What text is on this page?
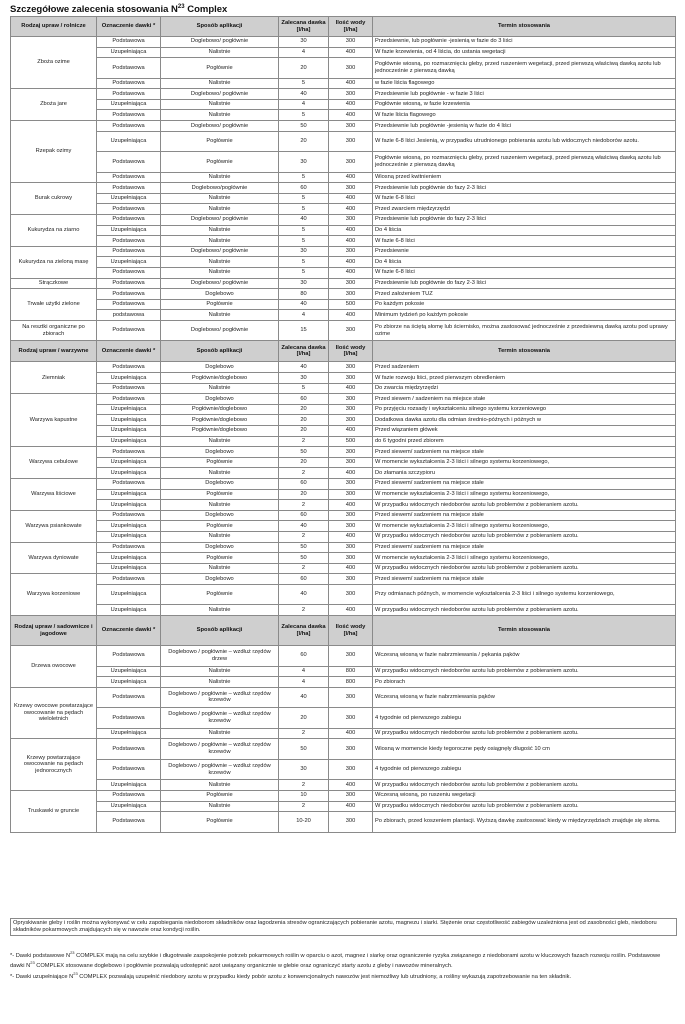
Szczegółowe zalecenia stosowania $N^{23}$ Complex
Rodzaj upraw / rolnicze	Oznaczenie dawki *	Sposób aplikacji	Zalecana dawka [l/ha]	Ilość wody [l/ha]	Termin stosowania
Zboża ozime	Podstawowa	Doglebowo/ pogłównie	30	300	Przedsiewnie, lub pogłównie -jesienią w fazie do 3 liści
	Uzupełniająca	Nalistnie	4	400	W fazie krzewienia, od 4 liścia, do ustania wegetacji
	Podstawowa	Pogłównie	20	300	Pogłównie wiosną, po rozmarznięciu gleby, przed ruszeniem wegetacji, przed pierwszą właściwą dawką azotu lub jednocześnie z pierwszą dawką
	Podstawowa	Nalistnie	5	400	w fazie liścia flagowego
Zboża jare	Podstawowa	Doglebowo/ pogłównie	40	300	Przedsiewnie lub pogłównie - w fazie 3 liści
	Uzupełniająca	Nalistnie	4	400	Pogłównie wiosną, w fazie krzewienia
	Podstawowa	Nalistnie	5	400	W fazie liścia flagowego
Rzepak ozimy	Podstawowa	Doglebowo/ pogłównie	50	300	Przedsiewnie lub pogłównie -jesienią w fazie do 4 liści
	Uzupełniająca	Pogłównie	20	300	W fazie 6-8 liści Jesienią, w przypadku utrudnionego pobierania azotu lub widocznych niedoborów azotu.
	Podstawowa	Pogłównie	30	300	Pogłównie wiosną, po rozmarznięciu gleby, przed ruszeniem wegetacji, przed pierwszą właściwą dawką azotu lub jednocześnie z pierwszą dawką
	Podstawowa	Nalistnie	5	400	Wiosną przed kwitnieniem
Burak cukrowy	Podstawowa	Doglebowo/pogłównie	60	300	Przedsiewnie lub pogłównie do fazy 2-3 liści
	Uzupełniająca	Nalistnie	5	400	W fazie 6-8 liści
	Podstawowa	Nalistnie	5	400	Przed zwarciem międzyrzędzi
Kukurydza na ziarno	Podstawowa	Doglebowo/ pogłównie	40	300	Przedsiewnie lub pogłównie do fazy 2-3 liści
	Uzupełniająca	Nalistnie	5	400	Do 4 liścia
	Podstawowa	Nalistnie	5	400	W fazie 6-8 liści
Kukurydza na zieloną masę	Podstawowa	Doglebowo/ pogłównie	30	300	Przedsiewnie
	Uzupełniająca	Nalistnie	5	400	Do 4 liścia
	Podstawowa	Nalistnie	5	400	W fazie 6-8 liści
Strączkowe	Podstawowa	Doglebowo/ pogłównie	30	300	Przedsiewnie lub pogłównie do fazy 2-3 liści
Trwałe użytki zielone	Podstawowa	Doglebowo	80	300	Przed założeniem TUZ
	Podstawowa	Pogłównie	40	500	Po każdym pokosie
	podstawowa	Nalistnie	4	400	Minimum tydzień po każdym pokosie
Na resztki organiczne po zbiorach	Podstawowa	Doglebowo/ pogłównie	15	300	Po zbiorze na ściętą słomę lub ściernisko, można zastosować jednocześnie z przedsiewną dawką azotu pod uprawy ozime
Rodzaj upraw / warzywne	Oznaczenie dawki *	Sposób aplikacji	Zalecana dawka [l/ha]	Ilość wody [l/ha]	Termin stosowania
Ziemniak	Podstawowa	Doglebowo	40	300	Przed sadzeniem
	Uzupełniająca	Pogłównie/doglebowo	30	300	W fazie rozwoju liści, przed pierwszym obredleniem
	Podstawowa	Nalistnie	5	400	Do zwarcia międzyrzędzi
Warzywa kapustne	Podstawowa	Doglebowo	60	300	Przed siewem / sadzeniem na miejsce stałe
	Uzupełniająca	Pogłównie/doglebowo	20	300	Po przyjęciu rozsady i wykształceniu silnego systemu korzeniowego
	Uzupełniająca	Pogłównie/doglebowo	20	300	Dodatkowa dawka azotu dla odmian średnio-późnych i późnych w
	Uzupełniająca	Pogłównie/doglebowo	20	400	Przed wiązaniem główek
	Uzupełniająca	Nalistnie	2	500	do 6 tygodni przed zbiorem
Warzywa cebulowe	Podstawowa	Doglebowo	50	300	Przed siewem/ sadzeniem na miejsce stałe
	Uzupełniająca	Pogłównie	20	300	W momencie wykształcenia 2-3 liści i silnego systemu korzeniowego,
	Uzupełniająca	Nalistnie	2	400	Do złamania szczypioru
Warzywa liściowe	Podstawowa	Doglebowo	60	300	Przed siewem/ sadzeniem na miejsce stałe
	Uzupełniająca	Pogłównie	20	300	W momencie wykształcenia 2-3 liści i silnego systemu korzeniowego,
	Uzupełniająca	Nalistnie	2	400	W przypadku widocznych niedoborów azotu lub problemów z pobieraniem azotu.
Warzywa psiankowate	Podstawowa	Doglebowo	60	300	Przed siewem/ sadzeniem na miejsce stałe
	Uzupełniająca	Pogłównie	40	300	W momencie wykształcenia 2-3 liści i silnego systemu korzeniowego,
	Uzupełniająca	Nalistnie	2	400	W przypadku widocznych niedoborów azotu lub problemów z pobieraniem azotu.
Warzywa dyniowate	Podstawowa	Doglebowo	50	300	Przed siewem/ sadzeniem na miejsce stałe
	Uzupełniająca	Pogłównie	50	300	W momencie wykształcenia 2-3 liści i silnego systemu korzeniowego,
	Uzupełniająca	Nalistnie	2	400	W przypadku widocznych niedoborów azotu lub problemów z pobieraniem azotu.
Warzywa korzeniowe	Podstawowa	Doglebowo	60	300	Przed siewem/ sadzeniem na miejsce stałe
	Uzupełniająca	Pogłównie	40	300	Przy odmianach późnych, w momencie wykształcenia 2-3 liści i silnego systemu korzeniowego,
	Uzupełniająca	Nalistnie	2	400	W przypadku widocznych niedoborów azotu lub problemów z pobieraniem azotu.
Rodzaj upraw / sadownicze i jagodowe	Oznaczenie dawki *	Sposób aplikacji	Zalecana dawka [l/ha]	Ilość wody [l/ha]	Termin stosowania
Drzewa owocowe	Podstawowa	Doglebowo / pogłównie – wzdłuż rzędów drzew	60	300	Wczesną wiosną w fazie nabrzmiewania / pękania pąków
	Uzupełniająca	Nalistnie	4	800	W przypadku widocznych niedoborów azotu lub problemów z pobieraniem azotu.
	Uzupełniająca	Nalistnie	4	800	Po zbiorach
Krzewy owocowe powtarzające owocowanie na pędach wieloletnich	Podstawowa	Doglebowo / pogłównie – wzdłuż rzędów krzewów	40	300	Wczesną wiosną w fazie nabrzmiewania pąków
	Podstawowa	Doglebowo / pogłównie – wzdłuż rzędów krzewów	20	300	4 tygodnie od pierwszego zabiegu
	Uzupełniająca	Nalistnie	2	400	W przypadku widocznych niedoborów azotu lub problemów z pobieraniem azotu.
Krzewy powtarzające owocowanie na pędach jednorocznych	Podstawowa	Doglebowo / pogłównie – wzdłuż rzędów krzewów	50	300	Wiosną w momencie kiedy tegoroczne pędy osiągnęły długość 10 cm
	Podstawowa	Doglebowo / pogłównie – wzdłuż rzędów krzewów	30	300	4 tygodnie od pierwszego zabiegu
	Uzupełniająca	Nalistnie	2	400	W przypadku widocznych niedoborów azotu lub problemów z pobieraniem azotu.
Truskawki w gruncie	Podstawowa	Pogłównie	10	300	Wczesną wiosną, po ruszeniu wegetacji
	Uzupełniająca	Nalistnie	2	400	W przypadku widocznych niedoborów azotu lub problemów z pobieraniem azotu.
	Podstawowa	Pogłównie	10-20	300	Po zbiorach, przed koszeniem plantacji. Wyższą dawkę zastosować kiedy w międzyrzędziach znajduje się słoma.
Opryskiwanie gleby i roślin można wykonywać w celu zapobiegania niedoborom składników oraz łagodzenia stresów ograniczających pobieranie azotu, magnezu i siarki. Stężenie oraz częstotliwość zabiegów uzależniona jest od zasobności gleb, niedoboru składników pokarmowych znajdujących się w nawozie oraz kondycji roślin.

*- Dawki podstawowe $N^{23}$ COMPLEX mają na celu szybkie i długotrwałe zaspokojenie potrzeb pokarmowych roślin w oparciu o azot, magnez i siarkę oraz ograniczenie ryzyka związanego z niedoborami azotu w kluczowych fazach rozwoju roślin. Podstawowe dawki $N^{23}$ COMPLEX stosowane doglebowo i pogłównie pozwalają udostępnić azot uwiązany organicznie w glebie oraz ograniczyć starty azotu z gleby i nawozów mineralnych.

*- Dawki uzupełniające $N^{23}$ COMPLEX pozwalają uzupełnić niedobory azotu w przypadku kiedy pobór azotu z konwencjonalnych nawozów jest niemożliwy lub utrudniony, a rośliny wykazują zapotrzebowanie na ten składnik.
